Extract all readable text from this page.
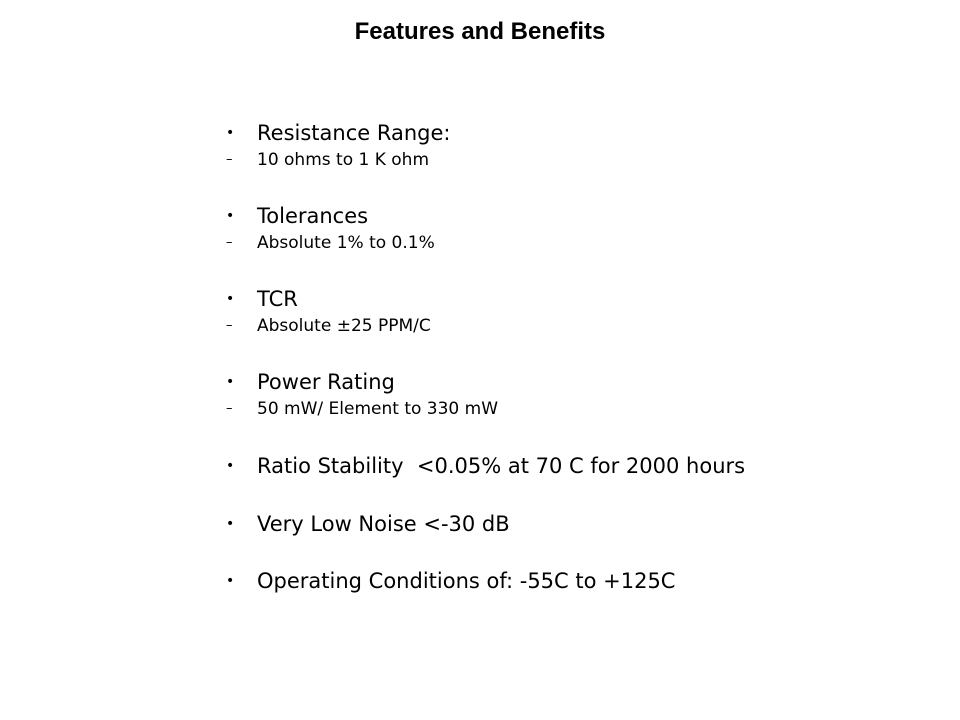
Features and Benefits
•	Resistance Range:
–	10 ohms to 1 K ohm
•	Tolerances
–	Absolute 1% to 0.1%
•	TCR
–	Absolute ±25 PPM/C
•	Power Rating
–	50 mW/ Element to 330 mW
•	Ratio Stability  <0.05% at 70 C for 2000 hours
•	Very Low Noise <-30 dB
•	Operating Conditions of: -55C to +125C
